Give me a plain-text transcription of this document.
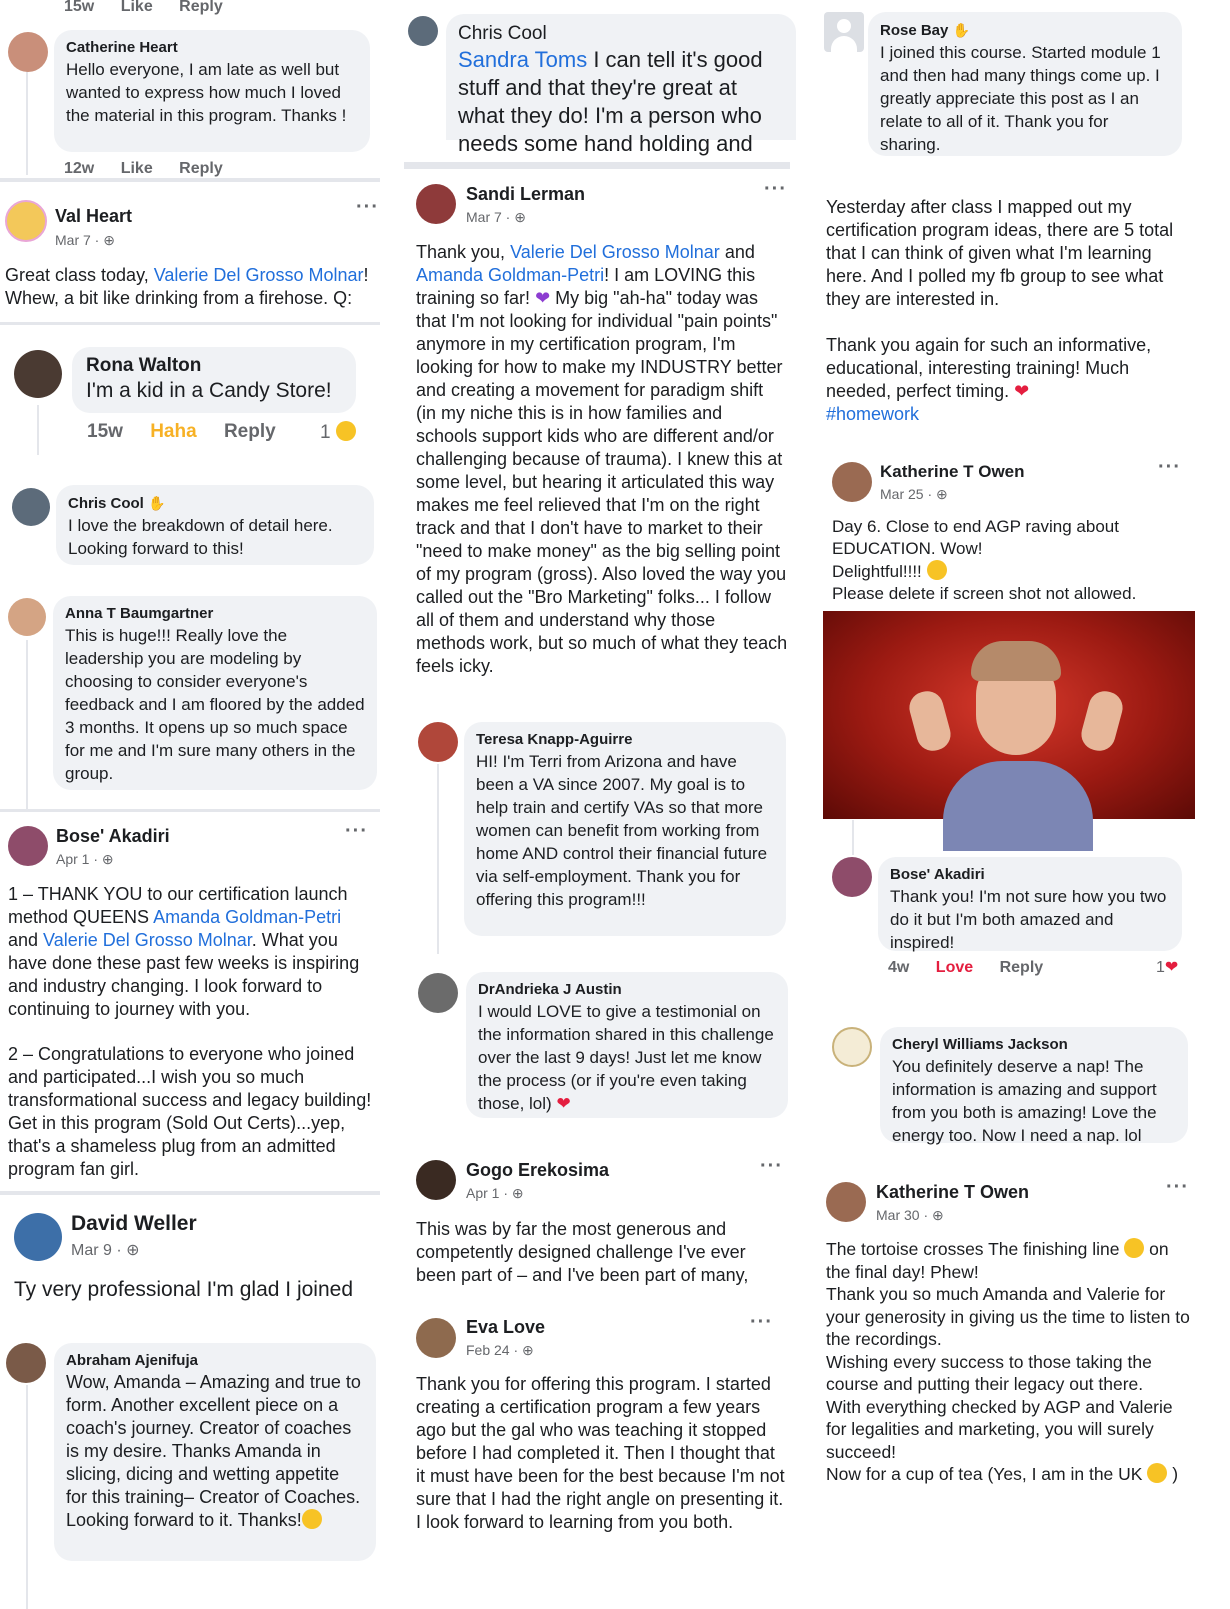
15w Like Reply
Catherine Heart
Hello everyone, I am late as well but wanted to express how much I loved the material in this program. Thanks !
12w Like Reply
Val Heart
Mar 7 · ⊕
···
Great class today, Valerie Del Grosso Molnar! Whew, a bit like drinking from a firehose. Q:
Rona Walton
I'm a kid in a Candy Store!
15w Haha Reply	1
Chris Cool ✋
I love the breakdown of detail here. Looking forward to this!
Anna T Baumgartner
This is huge!!! Really love the leadership you are modeling by choosing to consider everyone's feedback and I am floored by the added 3 months. It opens up so much space for me and I'm sure many others in the group.
Bose' Akadiri
Apr 1 · ⊕
···
1 – THANK YOU to our certification launch method QUEENS Amanda Goldman-Petri and Valerie Del Grosso Molnar. What you have done these past few weeks is inspiring and industry changing. I look forward to continuing to journey with you.
2 – Congratulations to everyone who joined and participated...I wish you so much transformational success and legacy building! Get in this program (Sold Out Certs)...yep, that's a shameless plug from an admitted program fan girl.
David Weller
Mar 9 · ⊕
Ty very professional I'm glad I joined
Abraham Ajenifuja
Wow, Amanda – Amazing and true to form. Another excellent piece on a coach's journey. Creator of coaches is my desire. Thanks Amanda in slicing, dicing and wetting appetite for this training– Creator of Coaches. Looking forward to it. Thanks!
Chris Cool
Sandra Toms I can tell it's good stuff and that they're great at what they do! I'm a person who needs some hand holding and
Sandi Lerman
Mar 7 · ⊕
···
Thank you, Valerie Del Grosso Molnar and Amanda Goldman-Petri! I am LOVING this training so far! ❤ My big "ah-ha" today was that I'm not looking for individual "pain points" anymore in my certification program, I'm looking for how to make my INDUSTRY better and creating a movement for paradigm shift (in my niche this is in how families and schools support kids who are different and/or challenging because of trauma). I knew this at some level, but hearing it articulated this way makes me feel relieved that I'm on the right track and that I don't have to market to their "need to make money" as the big selling point of my program (gross). Also loved the way you called out the "Bro Marketing" folks... I follow all of them and understand why those methods work, but so much of what they teach feels icky.
Teresa Knapp-Aguirre
HI! I'm Terri from Arizona and have been a VA since 2007. My goal is to help train and certify VAs so that more women can benefit from working from home AND control their financial future via self-employment. Thank you for offering this program!!!
DrAndrieka J Austin
I would LOVE to give a testimonial on the information shared in this challenge over the last 9 days! Just let me know the process (or if you're even taking those, lol) ❤
Gogo Erekosima
Apr 1 · ⊕
···
This was by far the most generous and competently designed challenge I've ever been part of – and I've been part of many,
Eva Love
Feb 24 · ⊕
···
Thank you for offering this program. I started creating a certification program a few years ago but the gal who was teaching it stopped before I had completed it. Then I thought that it must have been for the best because I'm not sure that I had the right angle on presenting it. I look forward to learning from you both.
Rose Bay ✋
I joined this course. Started module 1 and then had many things come up. I greatly appreciate this post as I an relate to all of it. Thank you for sharing.
Yesterday after class I mapped out my certification program ideas, there are 5 total that I can think of given what I'm learning here. And I polled my fb group to see what they are interested in.
Thank you again for such an informative, educational, interesting training! Much needed, perfect timing. ❤
#homework
Katherine T Owen
Mar 25 · ⊕
···
Day 6. Close to end AGP raving about EDUCATION. Wow!
Delightful!!!!
Please delete if screen shot not allowed.
Bose' Akadiri
Thank you! I'm not sure how you two do it but I'm both amazed and inspired!
4w Love Reply	1❤
Cheryl Williams Jackson
You definitely deserve a nap! The information is amazing and support from you both is amazing! Love the energy too. Now I need a nap. lol
Katherine T Owen
Mar 30 · ⊕
···
The tortoise crosses The finishing line  on the final day! Phew!
Thank you so much Amanda and Valerie for your generosity in giving us the time to listen to the recordings.
Wishing every success to those taking the course and putting their legacy out there.
With everything checked by AGP and Valerie for legalities and marketing, you will surely succeed!
Now for a cup of tea (Yes, I am in the UK  )
